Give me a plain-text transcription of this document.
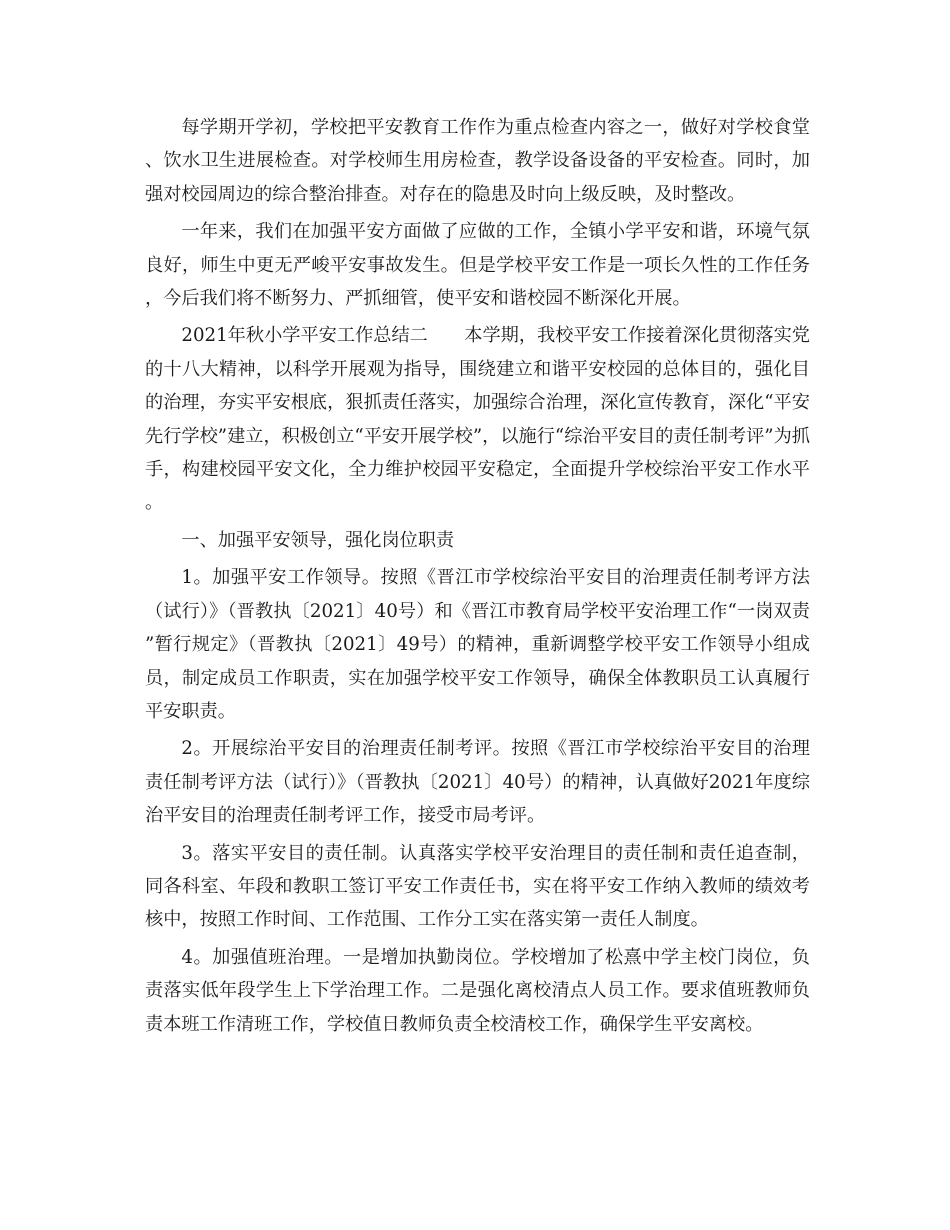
每学期开学初，学校把平安教育工作作为重点检查内容之一，做好对学校食堂、饮水卫生进展检查。对学校师生用房检查，教学设备设备的平安检查。同时，加强对校园周边的综合整治排查。对存在的隐患及时向上级反映，及时整改。

一年来，我们在加强平安方面做了应做的工作，全镇小学平安和谐，环境气氛良好，师生中更无严峻平安事故发生。但是学校平安工作是一项长久性的工作任务，今后我们将不断努力、严抓细管，使平安和谐校园不断深化开展。

2021年秋小学平安工作总结二　　本学期，我校平安工作接着深化贯彻落实党的十八大精神，以科学开展观为指导，围绕建立和谐平安校园的总体目的，强化目的治理，夯实平安根底，狠抓责任落实，加强综合治理，深化宣传教育，深化“平安先行学校”建立，积极创立“平安开展学校”，以施行“综治平安目的责任制考评”为抓手，构建校园平安文化，全力维护校园平安稳定，全面提升学校综治平安工作水平。

一、加强平安领导，强化岗位职责

1。加强平安工作领导。按照《晋江市学校综治平安目的治理责任制考评方法（试行）》（晋教执〔2021〕40号）和《晋江市教育局学校平安治理工作“一岗双责”暂行规定》（晋教执〔2021〕49号）的精神，重新调整学校平安工作领导小组成员，制定成员工作职责，实在加强学校平安工作领导，确保全体教职员工认真履行平安职责。

2。开展综治平安目的治理责任制考评。按照《晋江市学校综治平安目的治理责任制考评方法（试行）》（晋教执〔2021〕40号）的精神，认真做好2021年度综治平安目的治理责任制考评工作，接受市局考评。

3。落实平安目的责任制。认真落实学校平安治理目的责任制和责任追查制，同各科室、年段和教职工签订平安工作责任书，实在将平安工作纳入教师的绩效考核中，按照工作时间、工作范围、工作分工实在落实第一责任人制度。

4。加强值班治理。一是增加执勤岗位。学校增加了松熹中学主校门岗位，负责落实低年段学生上下学治理工作。二是强化离校清点人员工作。要求值班教师负责本班工作清班工作，学校值日教师负责全校清校工作，确保学生平安离校。
